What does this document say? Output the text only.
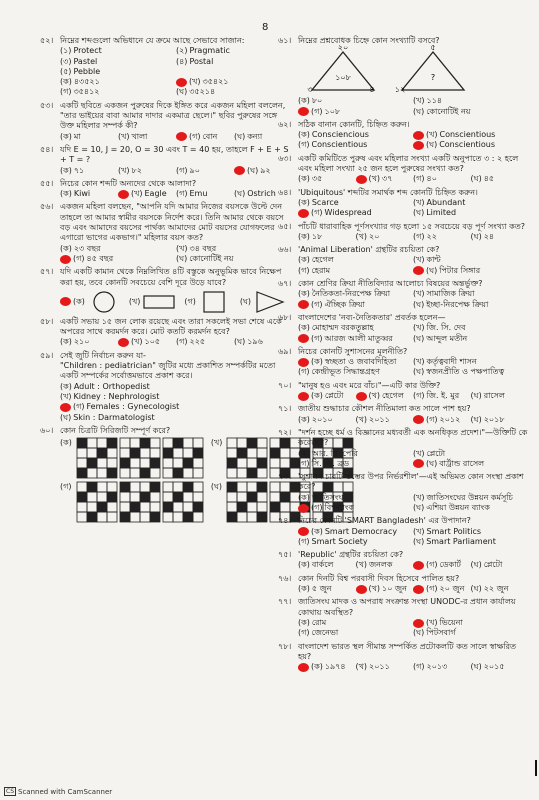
8
৫২। নিম্নের শব্দগুলো অভিধানে যে ক্রমে আছে সেভাবে সাজান:
(১) Protect	(২) Pragmatic
(৩) Pastel	(৪) Postal
(৫) Pebble
(ক) ৪৩৫২১	(খ) ৩৫৪২১
(গ) ৩৫৪১২	(ঘ) ৩৫২১৪
৫৩। একটি ছবিতে একজন পুরুষের দিকে ইঙ্গিত করে একজন মহিলা বললেন, "তার ভাইয়ের বাবা আমার দাদার একমাত্র ছেলে।" ছবির পুরুষের সঙ্গে উক্ত মহিলার সম্পর্ক কী?
(ক) মা	(খ) খালা	(গ) বোন (ঘ) কন্যা
৫৪। যদি E = 10, J = 20, O = 30 এবং T = 40 হয়, তাহলে F + E + S + T = ?
(ক) ৭১	(খ) ৮২	(গ) ৯০	(ঘ) ৯২
৫৫। নিচের কোন শব্দটি অন্যদের থেকে আলাদা?
(ক) Kiwi	(খ) Eagle (গ) Emu	(ঘ) Ostrich
৫৬। একজন মহিলা বলছেন, "আপনি যদি আমার নিজের বয়সকে উল্টে দেন তাহলে তা আমার স্বামীর বয়সকে নির্দেশ করে। তিনি আমার থেকে বয়সে বড় এবং আমাদের বয়সের পার্থক্য আমাদের মোট বয়সের যোগফলের এগারো ভাগের একভাগ।" মহিলার বয়স কত?
(ক) ২৩ বছর	(খ) ৩৪ বছর
(গ) ৪৫ বছর	(ঘ) কোনোটিই নয়
৫৭। যদি একটি কামান থেকে নিম্নলিখিত ৪টি বস্তুকে অনুভূমিক ভাবে নিক্ষেপ করা হয়, তবে কোনটি সবচেয়ে বেশি দূরে উড়ে যাবে?
(ক)	(খ)	(গ)	(ঘ)
৫৮। একটি সভায় ১৫ জন লোক রয়েছে এবং তারা সকলেই সভা শেষে একে অপরের সাথে করমর্দন করে। মোট কতটি করমর্দন হবে?
(ক) ২১০	(খ) ১০৫ (গ) ২২৫	(ঘ) ১৯৬
৫৯। সেই জুটি নির্বাচন করুন যা-
"Children : pediatrician" জুটির মধ্যে প্রকাশিত সম্পর্কটির মতো একটি সম্পর্কের সর্বোত্তমভাবে প্রকাশ করে।
(ক) Adult : Orthopedist
(খ) Kidney : Nephrologist
(গ) Females : Gynecologist
(ঘ) Skin : Darmatologist
৬০। কোন চিত্রটি সিরিজটি সম্পূর্ণ করে?
(ক)	(খ)
(গ)	(ঘ)
৬১। নিম্নের প্রশ্নবোধক চিহ্নে কোন সংখ্যাটি বসবে?
২০
৩	৪
১০৮
৫
১২
?
(ক) ৮০	(খ) ১১৪
(গ) ১০৮	(ঘ) কোনোটিই নয়
৬২। সঠিক বানান কোনটি, চিহ্নিত করুন।
(ক) Consciencious	(খ) Conscientious
(গ) Conscientious	(ঘ) Conscientious
৬৩। একটি কমিটিতে পুরুষ এবং মহিলার সংখ্যা একটি অনুপাতে ৩ : ২ হলে এবং মহিলা সংখ্যা ২৫ জন হলে পুরুষের সংখ্যা কত?
(ক) ৩৫	(খ) ৩৭	(গ) ৪০	(ঘ) ৪৫
৬৪। 'Ubiquitous' শব্দটির সমার্থক শব্দ কোনটি চিহ্নিত করুন।
(ক) Scarce	(খ) Abundant
(গ) Widespread	(ঘ) Limited
৬৫। পাঁচটি ধারাবাহিক পূর্ণসংখ্যার গড় হলো ১৫ সবচেয়ে বড় পূর্ণ সংখ্যা কত?
(ক) ১৮	(খ) ২০	(গ) ২২	(ঘ) ২৪
৬৬। 'Animal Liberation' গ্রন্থটির রচয়িতা কে?
(ক) হেগেল	(খ) কান্ট
(গ) হেরাম	(ঘ) পিটার সিঙ্গার
৬৭। কোন শ্রেণির ক্রিয়া নীতিবিদ্যার আলোচ্য বিষয়ের অন্তর্ভুক্ত?
(ক) নৈতিকতা-নিরপেক্ষ ক্রিয়া	(খ) সামাজিক ক্রিয়া
(গ) ঐচ্ছিক ক্রিয়া	(ঘ) ইচ্ছা-নিরপেক্ষ ক্রিয়া
৬৮। বাংলাদেশের 'নব্য-নৈতিকতার' প্রবর্তক হলেন—
(ক) মোহাম্মদ বরকতুল্লাহ	(খ) জি. সি. দেব
(গ) আরজ আলী মাতুব্বর	(ঘ) আব্দুল মতীন
৬৯। নিচের কোনটি সুশাসনের মূলনীতি?
(ক) স্বচ্ছতা ও জবাবদিহিতা (খ) কর্তৃত্ববাদী শাসন
(গ) কেন্দ্রীভূত সিদ্ধান্তগ্রহণ	(ঘ) স্বজনপ্রীতি ও পক্ষপাতিত্ব
৭০। "মানুষ হও এবং মরে বাঁচ।"—এটি কার উক্তি?
(ক) প্লেটো	(খ) হেগেল (গ) জি. ই. মুর (ঘ) রাসেল
৭১। জাতীয় শুদ্ধাচার কৌশল নীতিমালা কত সালে পাশ হয়?
(ক) ২০১০	(খ) ২০১১	(গ) ২০১২ (ঘ) ২০১৮
৭২। "দর্শন হচ্ছে ধর্ম ও বিজ্ঞানের মধ্যবর্তী এক অনধিকৃত প্রদেশ।"—উক্তিটি কে করেছেন?
(ক) আর. বি. পেরি	(খ) প্লেটো
(গ) সি. ডি. ব্রড	(ঘ) বার্ট্রান্ড রাসেল
৭৩। 'সুশাসন চারটি স্তম্ভের উপর নির্ভরশীল'—এই অভিমত কোন সংস্থা প্রকাশ করে?
(ক) জাতিসংঘ	(খ) জাতিসংঘের উন্নয়ন কর্মসূচি
(গ) বিশ্বব্যাংক	(ঘ) এশিয়া উন্নয়ন ব্যাংক
৭৪। নিচের কোনটি 'SMART Bangladesh' এর উপাদান?
(ক) Smart Democracy (খ) Smart Politics
(গ) Smart Society	(ঘ) Smart Parliament
৭৫। 'Republic' গ্রন্থটির রচয়িতা কে?
(ক) বার্কলে	(খ) জনলক	(গ) ডেকার্ট (ঘ) প্লেটো
৭৬। কোন দিনটি বিশ্ব পরবাসী দিবস হিসেবে পালিত হয়?
(ক) ৫ জুন	(খ) ১০ জুন (গ) ২০ জুন (ঘ) ২২ জুন
৭৭। জাতিসংঘ মাদক ও অপরাধ সংক্রান্ত সংস্থা UNODC-র প্রধান কার্যালয় কোথায় অবস্থিত?
(ক) রোম	(খ) ভিয়েনা
(গ) জেনেভা	(ঘ) পিটসবার্গ
৭৮। বাংলাদেশ ভারত স্থল সীমান্ত সম্পর্কিত প্রটোকলটি কত সালে স্বাক্ষরিত হয়?
(ক) ১৯৭৪ (খ) ২০১১	(গ) ২০১৩	(ঘ) ২০১৫
CS Scanned with CamScanner
